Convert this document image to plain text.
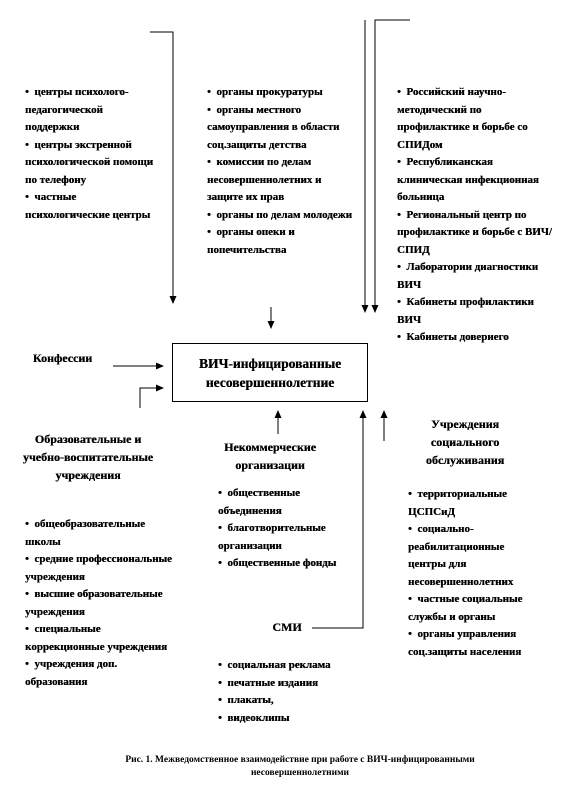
•  центры психолого-педагогической поддержки
•  центры экстренной психологической помощи по телефону
•  частные психологические центры
•  органы прокуратуры
•  органы местного самоуправления в области соц.защиты детства
•  комиссии по делам несовершеннолетних и защите их прав
•  органы по делам молодежи
•  органы опеки и попечительства
•  Российский научно-методический по профилактике и борьбе со СПИДом
•  Республиканская клиническая инфекционная больница
•  Региональный центр по профилактике и борьбе с ВИЧ/ СПИД
•  Лаборатории диагностики ВИЧ
•  Кабинеты профилактики ВИЧ
•  Кабинеты довериего
ВИЧ-инфицированные
несовершеннолетние
Конфессии
Образовательные и учебно-воспитательные учреждения
•  общеобразовательные школы
•  средние профессиональные учреждения
•  высшие образовательные учреждения
•  специальные коррекционные учреждения
•  учреждения доп. образования
Некоммерческие организации
•  общественные объединения
•  благотворительные организации
•  общественные фонды
СМИ
•  социальная реклама
•  печатные издания
•  плакаты,
•  видеоклипы
Учреждения социального обслуживания
•  территориальные ЦСПСиД
•  социально-реабилитационные центры для несовершеннолетних
•  частные социальные службы и органы
•  органы управления соц.защиты населения
Рис. 1. Межведомственное взаимодействие при работе с ВИЧ-инфицированными
несовершеннолетними
